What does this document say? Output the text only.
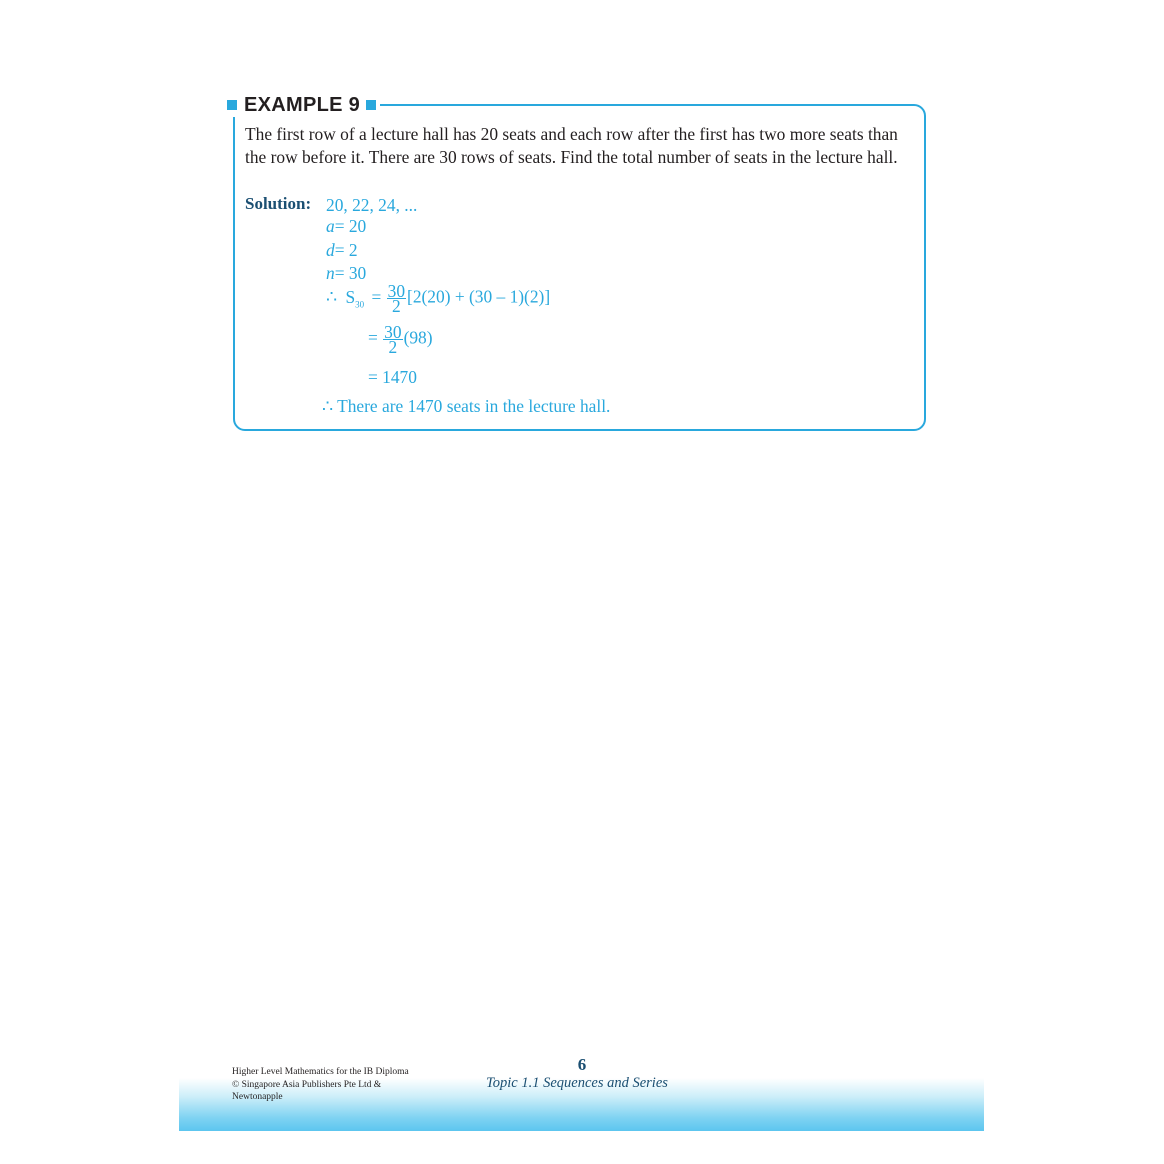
EXAMPLE 9
The first row of a lecture hall has 20 seats and each row after the first has two more seats than
the row before it. There are 30 rows of seats. Find the total number of seats in the lecture hall.
Solution: 20, 22, 24, ...
a= 20
d= 2
n= 30
∴ $S_{30} = \frac{30}{2} [2(20) + (30 - 1)(2)]$
= $\frac{30}{2} (98)$
= 1470
∴ There are 1470 seats in the lecture hall.
Higher Level Mathematics for the IB Diploma
© Singapore Asia Publishers Pte Ltd &
Newtonapple
6
Topic 1.1 Sequences and Series
